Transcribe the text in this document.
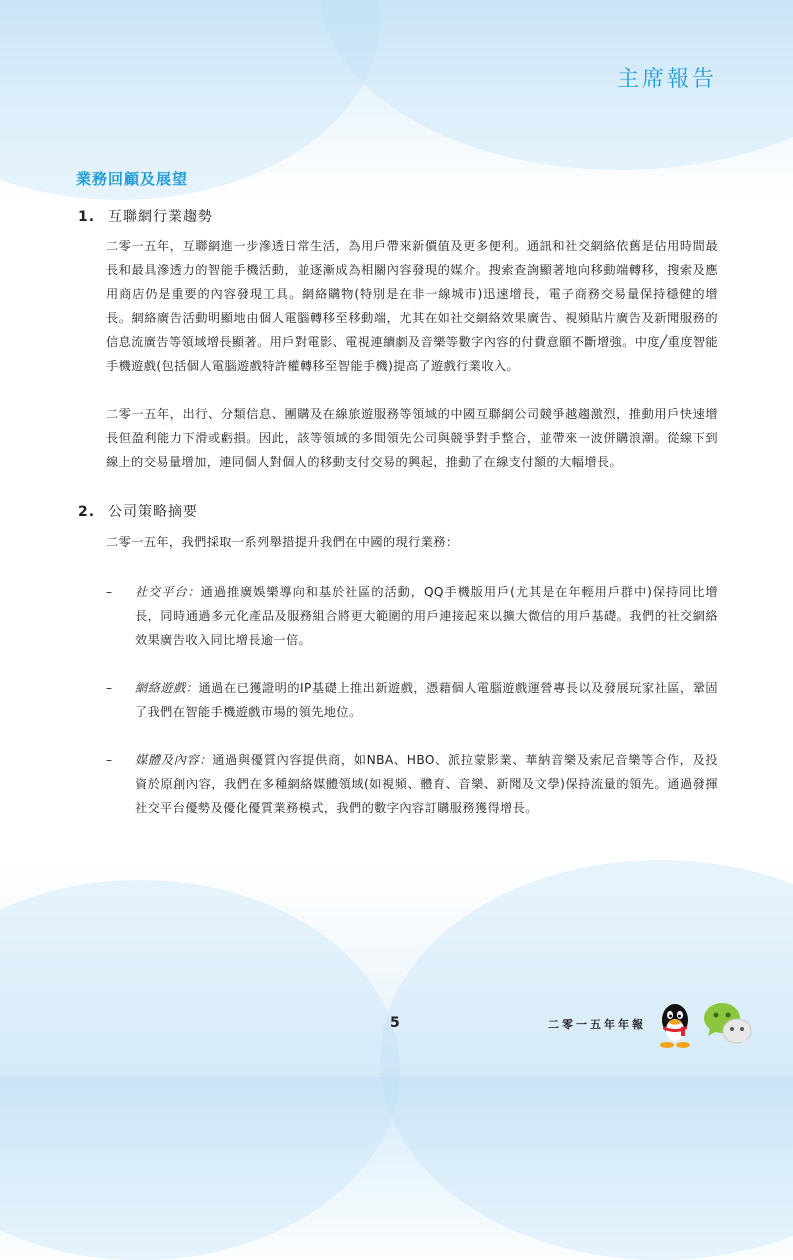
主席報告
業務回顧及展望
1. 互聯網行業趨勢
二零一五年，互聯網進一步滲透日常生活，為用戶帶來新價值及更多便利。通訊和社交網絡依舊是佔用時間最長和最具滲透力的智能手機活動，並逐漸成為相關內容發現的媒介。搜索查詢顯著地向移動端轉移，搜索及應用商店仍是重要的內容發現工具。網絡購物(特別是在非一線城市)迅速增長，電子商務交易量保持穩健的增長。網絡廣告活動明顯地由個人電腦轉移至移動端，尤其在如社交網絡效果廣告、視頻貼片廣告及新聞服務的信息流廣告等領域增長顯著。用戶對電影、電視連續劇及音樂等數字內容的付費意願不斷增強。中度╱重度智能手機遊戲(包括個人電腦遊戲特許權轉移至智能手機)提高了遊戲行業收入。
二零一五年，出行、分類信息、團購及在線旅遊服務等領域的中國互聯網公司競爭越趨激烈，推動用戶快速增長但盈利能力下滑或虧損。因此，該等領域的多間領先公司與競爭對手整合，並帶來一波併購浪潮。從線下到線上的交易量增加，連同個人對個人的移動支付交易的興起，推動了在線支付額的大幅增長。
2. 公司策略摘要
二零一五年，我們採取一系列舉措提升我們在中國的現行業務：
–	社交平台：通過推廣娛樂導向和基於社區的活動，QQ手機版用戶(尤其是在年輕用戶群中)保持同比增長，同時通過多元化產品及服務組合將更大範圍的用戶連接起來以擴大微信的用戶基礎。我們的社交網絡效果廣告收入同比增長逾一倍。
–	網絡遊戲：通過在已獲證明的IP基礎上推出新遊戲，憑藉個人電腦遊戲運營專長以及發展玩家社區，鞏固了我們在智能手機遊戲市場的領先地位。
–	媒體及內容：通過與優質內容提供商，如NBA、HBO、派拉蒙影業、華納音樂及索尼音樂等合作，及投資於原創內容，我們在多種網絡媒體領域(如視頻、體育、音樂、新聞及文學)保持流量的領先。通過發揮社交平台優勢及優化優質業務模式，我們的數字內容訂購服務獲得增長。
5	二零一五年年報
